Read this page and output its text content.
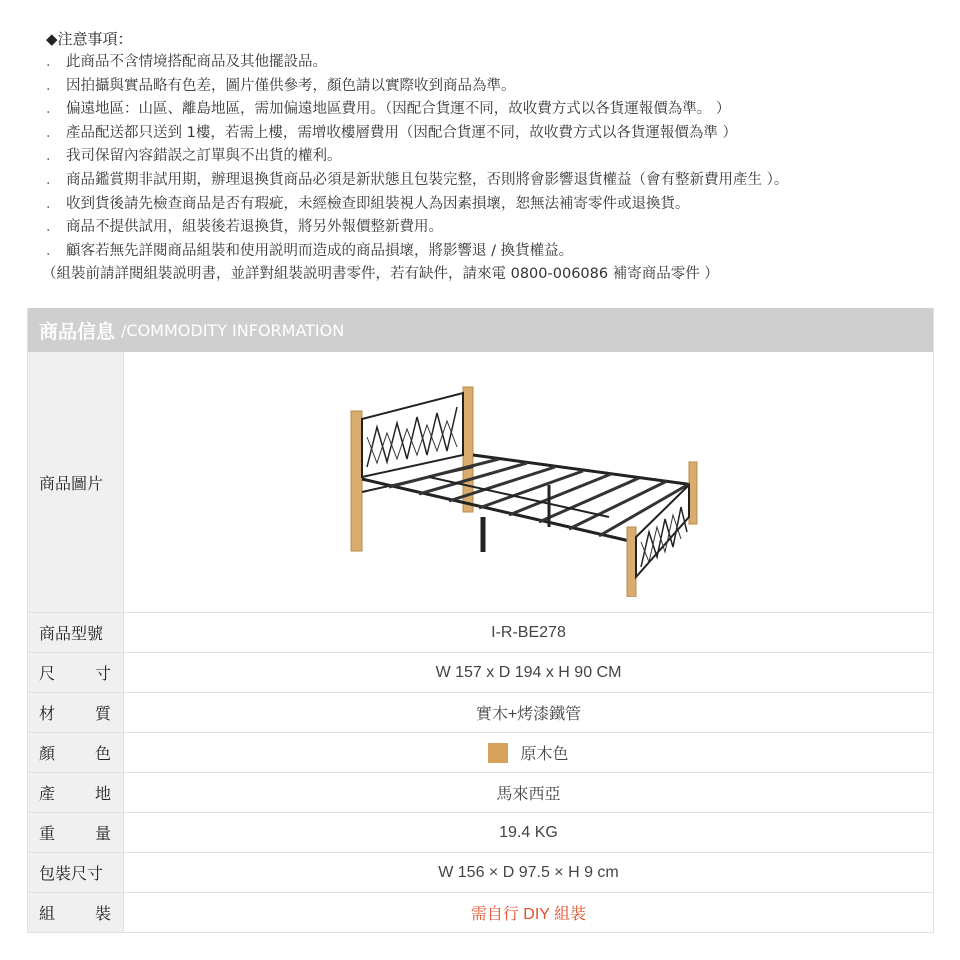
◆注意事項：
． 此商品不含情境搭配商品及其他擺設品。
． 因拍攝與實品略有色差，圖片僅供參考，顏色請以實際收到商品為準。
． 偏遠地區：山區、離島地區，需加偏遠地區費用。（因配合貨運不同，故收費方式以各貨運報價為準。 ）
． 產品配送都只送到 1樓，若需上樓，需增收樓層費用（因配合貨運不同，故收費方式以各貨運報價為準 ）
． 我司保留內容錯誤之訂單與不出貨的權利。
． 商品鑑賞期非試用期，辦理退換貨商品必須是新狀態且包裝完整，否則將會影響退貨權益（會有整新費用產生 ）。
． 收到貨後請先檢查商品是否有瑕疵，未經檢查即組裝視人為因素損壞，恕無法補寄零件或退換貨。
． 商品不提供試用，組裝後若退換貨，將另外報價整新費用。
． 顧客若無先詳閱商品組裝和使用説明而造成的商品損壞，將影響退 / 換貨權益。
（組裝前請詳閱組裝説明書，並詳對組裝説明書零件，若有缺件，請來電 0800-006086 補寄商品零件 ）
商品信息 /COMMODITY INFORMATION
商品圖片
商品型號	I-R-BE278
尺 寸	W 157 x D 194 x H 90 CM
材 質	實木+烤漆鐵管
顏 色	原木色
產 地	馬來西亞
重 量	19.4 KG
包裝尺寸	W 156 × D 97.5 × H 9 cm
組 裝	需自行 DIY 組裝
